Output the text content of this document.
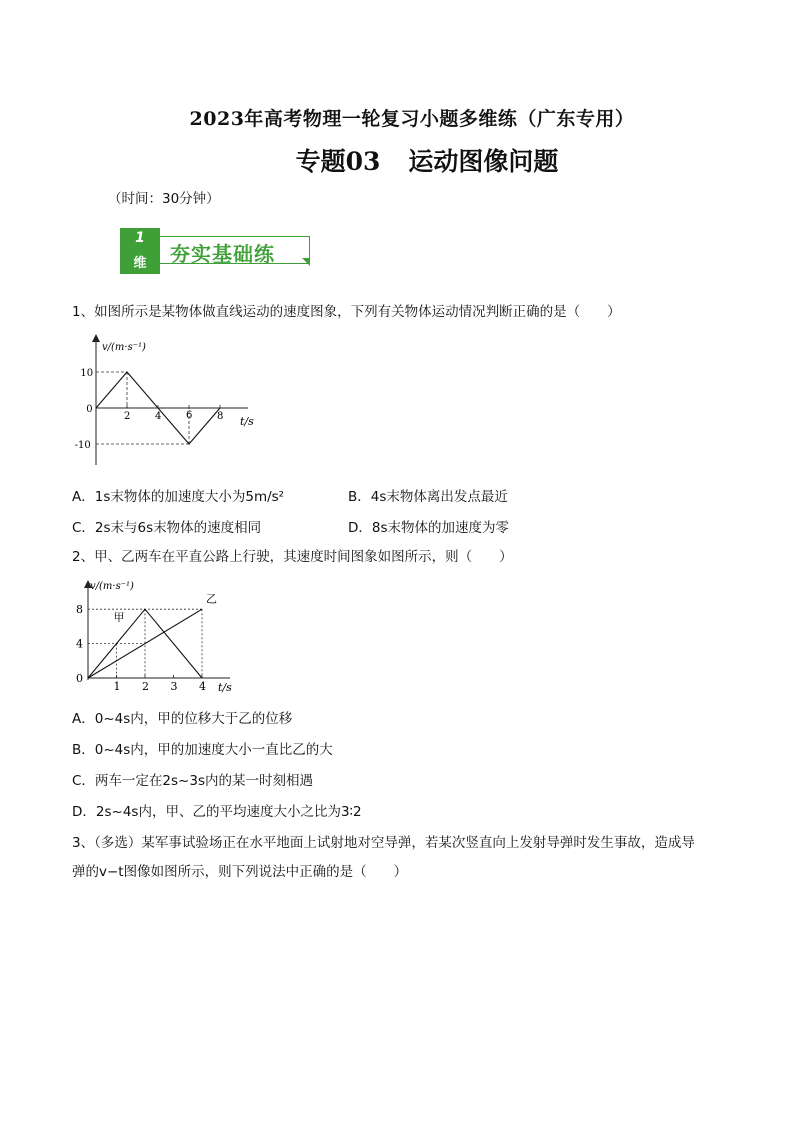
2023年高考物理一轮复习小题多维练（广东专用）
专题03 运动图像问题
（时间：30分钟）
1
维	夯实基础练
1、如图所示是某物体做直线运动的速度图象，下列有关物体运动情况判断正确的是（　　）
v/(m·s⁻¹)
t/s
2 4 6 8
10
0
-10
A．1s末物体的加速度大小为5m/s²	B．4s末物体离出发点最近
C．2s末与6s末物体的速度相同	D．8s末物体的加速度为零
2、甲、乙两车在平直公路上行驶，其速度时间图象如图所示，则（　　）
v/(m·s⁻¹)
t/s
甲
乙
1 2 3 4
8
4
0
A．0~4s内，甲的位移大于乙的位移
B．0~4s内，甲的加速度大小一直比乙的大
C．两车一定在2s~3s内的某一时刻相遇
D．2s~4s内，甲、乙的平均速度大小之比为3∶2
3、（多选）某军事试验场正在水平地面上试射地对空导弹，若某次竖直向上发射导弹时发生事故，造成导
弹的v−t图像如图所示，则下列说法中正确的是（　　）
